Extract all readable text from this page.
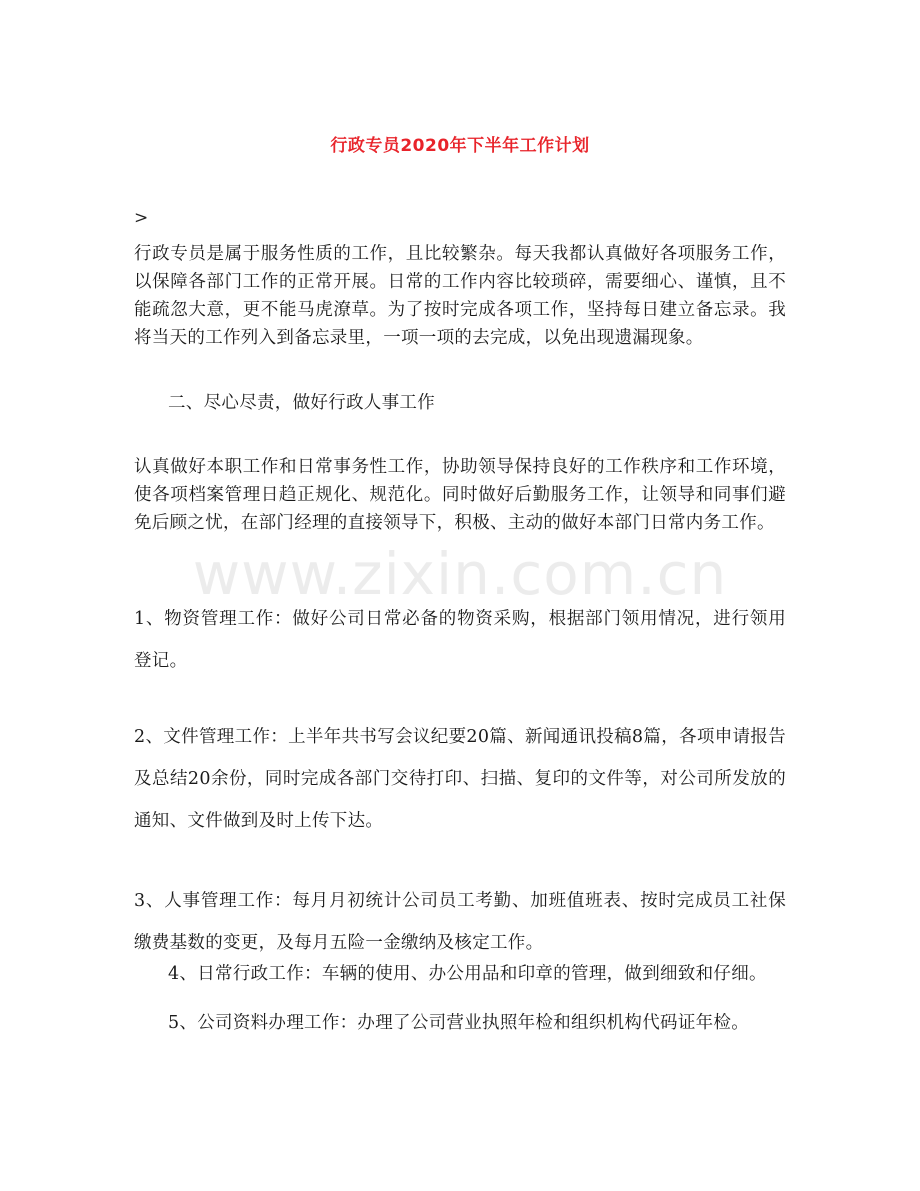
行政专员2020年下半年工作计划
>
行政专员是属于服务性质的工作，且比较繁杂。每天我都认真做好各项服务工作，以保障各部门工作的正常开展。日常的工作内容比较琐碎，需要细心、谨慎，且不能疏忽大意，更不能马虎潦草。为了按时完成各项工作，坚持每日建立备忘录。我将当天的工作列入到备忘录里，一项一项的去完成，以免出现遗漏现象。
二、尽心尽责，做好行政人事工作
认真做好本职工作和日常事务性工作，协助领导保持良好的工作秩序和工作环境，使各项档案管理日趋正规化、规范化。同时做好后勤服务工作，让领导和同事们避免后顾之忧，在部门经理的直接领导下，积极、主动的做好本部门日常内务工作。
1、物资管理工作：做好公司日常必备的物资采购，根据部门领用情况，进行领用登记。
2、文件管理工作：上半年共书写会议纪要20篇、新闻通讯投稿8篇，各项申请报告及总结20余份，同时完成各部门交待打印、扫描、复印的文件等，对公司所发放的通知、文件做到及时上传下达。
3、人事管理工作：每月月初统计公司员工考勤、加班值班表、按时完成员工社保缴费基数的变更，及每月五险一金缴纳及核定工作。
4、日常行政工作：车辆的使用、办公用品和印章的管理，做到细致和仔细。
5、公司资料办理工作：办理了公司营业执照年检和组织机构代码证年检。
www.zixin.com.cn
